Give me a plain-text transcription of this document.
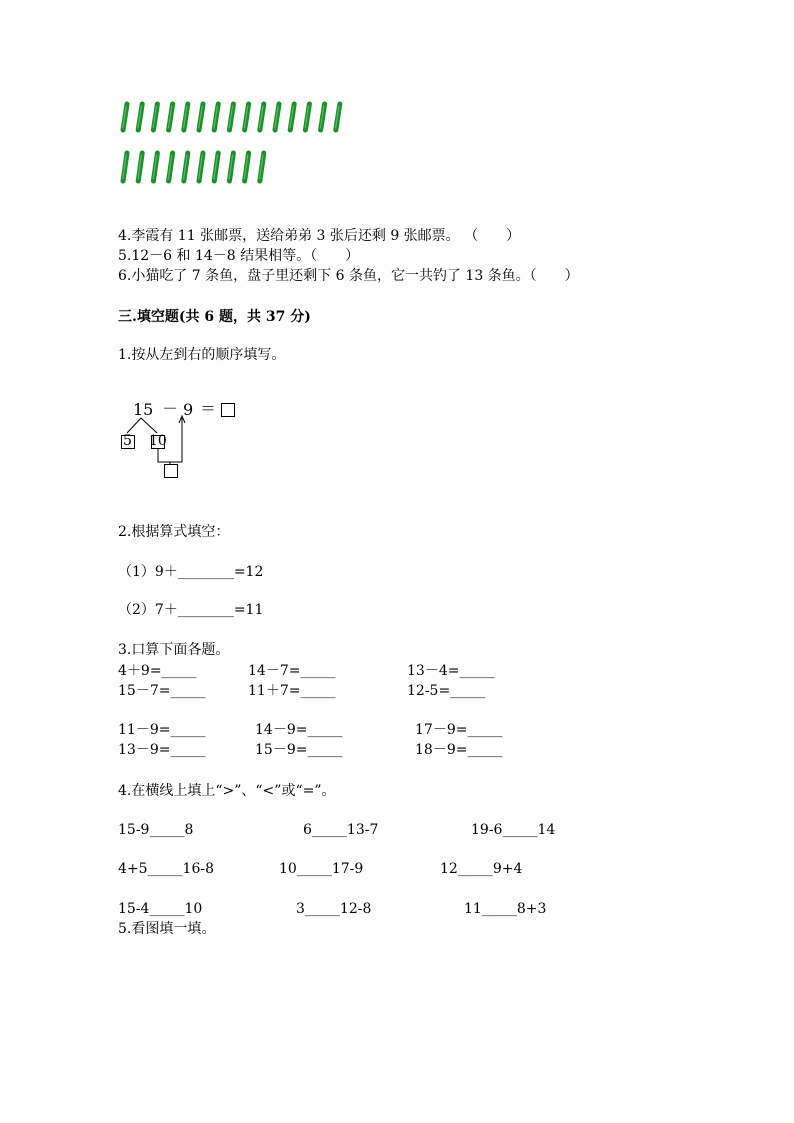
4.李霞有 11 张邮票，送给弟弟 3 张后还剩 9 张邮票。 （　　）
5.12－6 和 14－8 结果相等。（　　）
6.小猫吃了 7 条鱼，盘子里还剩下 6 条鱼，它一共钓了 13 条鱼。（　　）
三.填空题(共 6 题，共 37 分)
1.按从左到右的顺序填写。
15 － 9 ＝
5 10
2.根据算式填空：
（1）9＋________=12
（2）7＋________=11
3.口算下面各题。
4＋9=_____	14－7=_____	13－4=_____
15－7=_____	11＋7=_____	12-5=_____
11－9=_____	14－9=_____	17－9=_____
13－9=_____	15－9=_____	18－9=_____
4.在横线上填上“>”、“<”或“=”。
15-9_____8	6_____13-7	19-6_____14
4+5_____16-8	10_____17-9	12_____9+4
15-4_____10	3_____12-8	11_____8+3
5.看图填一填。
